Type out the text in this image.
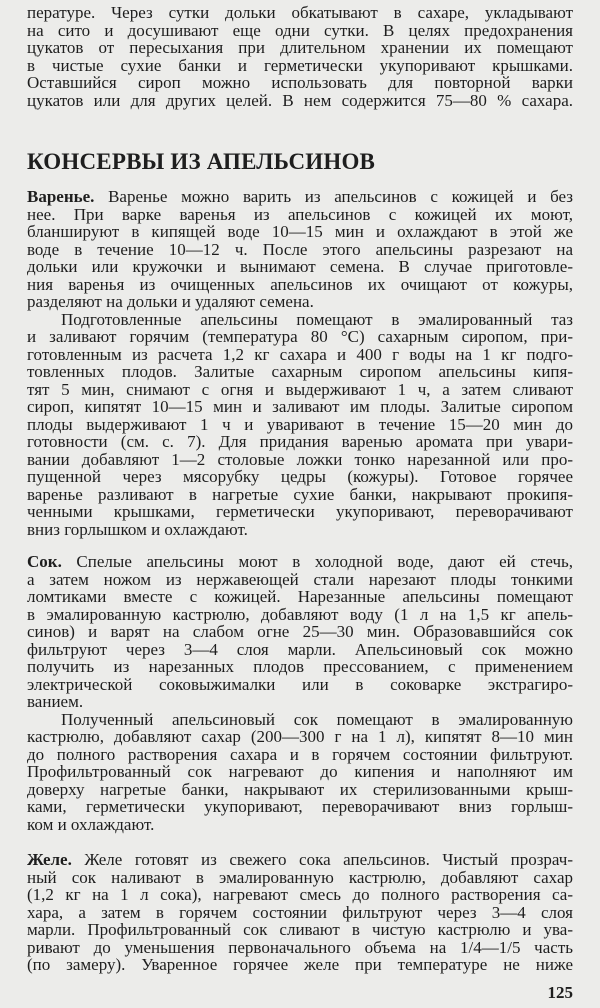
пературе. Через сутки дольки обкатывают в сахаре, укладывают
на сито и досушивают еще одни сутки. В целях предохранения
цукатов от пересыхания при длительном хранении их помещают
в чистые сухие банки и герметически укупоривают крышками.
Оставшийся сироп можно использовать для повторной варки
цукатов или для других целей. В нем содержится 75—80 % сахара.
КОНСЕРВЫ ИЗ АПЕЛЬСИНОВ
Варенье. Варенье можно варить из апельсинов с кожицей и без
нее. При варке варенья из апельсинов с кожицей их моют,
бланшируют в кипящей воде 10—15 мин и охлаждают в этой же
воде в течение 10—12 ч. После этого апельсины разрезают на
дольки или кружочки и вынимают семена. В случае приготовле-
ния варенья из очищенных апельсинов их очищают от кожуры,
разделяют на дольки и удаляют семена.
Подготовленные апельсины помещают в эмалированный таз
и заливают горячим (температура 80 °С) сахарным сиропом, при-
готовленным из расчета 1,2 кг сахара и 400 г воды на 1 кг подго-
товленных плодов. Залитые сахарным сиропом апельсины кипя-
тят 5 мин, снимают с огня и выдерживают 1 ч, а затем сливают
сироп, кипятят 10—15 мин и заливают им плоды. Залитые сиропом
плоды выдерживают 1 ч и уваривают в течение 15—20 мин до
готовности (см. с. 7). Для придания варенью аромата при увари-
вании добавляют 1—2 столовые ложки тонко нарезанной или про-
пущенной через мясорубку цедры (кожуры). Готовое горячее
варенье разливают в нагретые сухие банки, накрывают прокипя-
ченными крышками, герметически укупоривают, переворачивают
вниз горлышком и охлаждают.
Сок. Спелые апельсины моют в холодной воде, дают ей стечь,
а затем ножом из нержавеющей стали нарезают плоды тонкими
ломтиками вместе с кожицей. Нарезанные апельсины помещают
в эмалированную кастрюлю, добавляют воду (1 л на 1,5 кг апель-
синов) и варят на слабом огне 25—30 мин. Образовавшийся сок
фильтруют через 3—4 слоя марли. Апельсиновый сок можно
получить из нарезанных плодов прессованием, с применением
электрической соковыжималки или в соковарке экстрагиро-
ванием.
Полученный апельсиновый сок помещают в эмалированную
кастрюлю, добавляют сахар (200—300 г на 1 л), кипятят 8—10 мин
до полного растворения сахара и в горячем состоянии фильтруют.
Профильтрованный сок нагревают до кипения и наполняют им
доверху нагретые банки, накрывают их стерилизованными крыш-
ками, герметически укупоривают, переворачивают вниз горлыш-
ком и охлаждают.
Желе. Желе готовят из свежего сока апельсинов. Чистый прозрач-
ный сок наливают в эмалированную кастрюлю, добавляют сахар
(1,2 кг на 1 л сока), нагревают смесь до полного растворения са-
хара, а затем в горячем состоянии фильтруют через 3—4 слоя
марли. Профильтрованный сок сливают в чистую кастрюлю и ува-
ривают до уменьшения первоначального объема на 1/4—1/5 часть
(по замеру). Уваренное горячее желе при температуре не ниже
125
